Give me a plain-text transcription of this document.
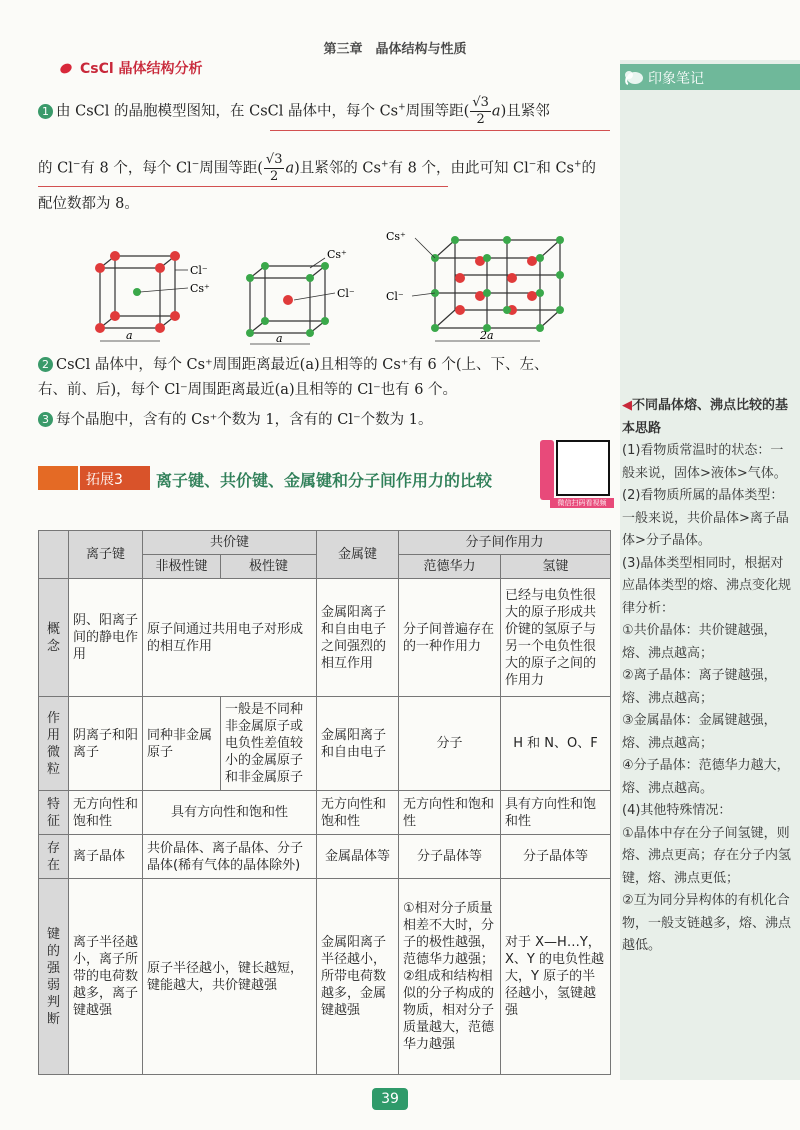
第三章　晶体结构与性质
印象笔记

◀不同晶体熔、沸点比较的基本思路

(1)看物质常温时的状态：一般来说，固体>液体>气体。

(2)看物质所属的晶体类型：一般来说，共价晶体>离子晶体>分子晶体。

(3)晶体类型相同时，根据对应晶体类型的熔、沸点变化规律分析：

①共价晶体：共价键越强，熔、沸点越高；

②离子晶体：离子键越强，熔、沸点越高；

③金属晶体：金属键越强，熔、沸点越高；

④分子晶体：范德华力越大，熔、沸点越高。

(4)其他特殊情况：

①晶体中存在分子间氢键，则熔、沸点更高；存在分子内氢键，熔、沸点更低；

②互为同分异构体的有机化合物，一般支链越多，熔、沸点越低。

CsCl 晶体结构分析
1 由 CsCl 的晶胞模型图知，在 CsCl 晶体中，每个 Cs+周围等距( $\frac{√3}{2} a$)且紧邻
的 Cl−有 8 个，每个 Cl−周围等距( $\frac{√3}{2} a$)且紧邻的 Cs+有 8 个，由此可知 Cl−和 Cs+的
配位数都为 8。
Cl⁻
Cs⁺
Cs⁺
Cl⁻
Cs⁺
Cl⁻
a	a	2a
2 CsCl 晶体中，每个 Cs⁺周围距离最近(a)且相等的 Cs⁺有 6 个(上、下、左、
右、前、后)，每个 Cl⁻周围距离最近(a)且相等的 Cl⁻也有 6 个。
3 每个晶胞中，含有的 Cs⁺个数为 1，含有的 Cl⁻个数为 1。
拓展3 离子键、共价键、金属键和分子间作用力的比较
微信扫码看视频
	离子键	共价键		金属键	分子间作用力	
		非极性键	极性键		范德华力	氢键
概念	阴、阳离子间的静电作用	原子间通过共用电子对形成的相互作用		金属阳离子和自由电子之间强烈的相互作用	分子间普遍存在的一种作用力	已经与电负性很大的原子形成共价键的氢原子与另一个电负性很大的原子之间的作用力
作用微粒	阴离子和阳离子	同种非金属原子	一般是不同种非金属原子或电负性差值较小的金属原子和非金属原子	金属阳离子和自由电子	分子	H 和 N、O、F
特征	无方向性和饱和性	具有方向性和饱和性		无方向性和饱和性	无方向性和饱和性	具有方向性和饱和性
存在	离子晶体	共价晶体、离子晶体、分子晶体(稀有气体的晶体除外)		金属晶体等	分子晶体等	分子晶体等
键的强弱判断	离子半径越小，离子所带的电荷数越多，离子键越强	原子半径越小，键长越短，键能越大，共价键越强		金属阳离子半径越小，所带电荷数越多，金属键越强	①相对分子质量相差不大时，分子的极性越强，范德华力越强；②组成和结构相似的分子构成的物质，相对分子质量越大，范德华力越强	对于 X—H…Y，X、Y 的电负性越大，Y 原子的半径越小，氢键越强
39
